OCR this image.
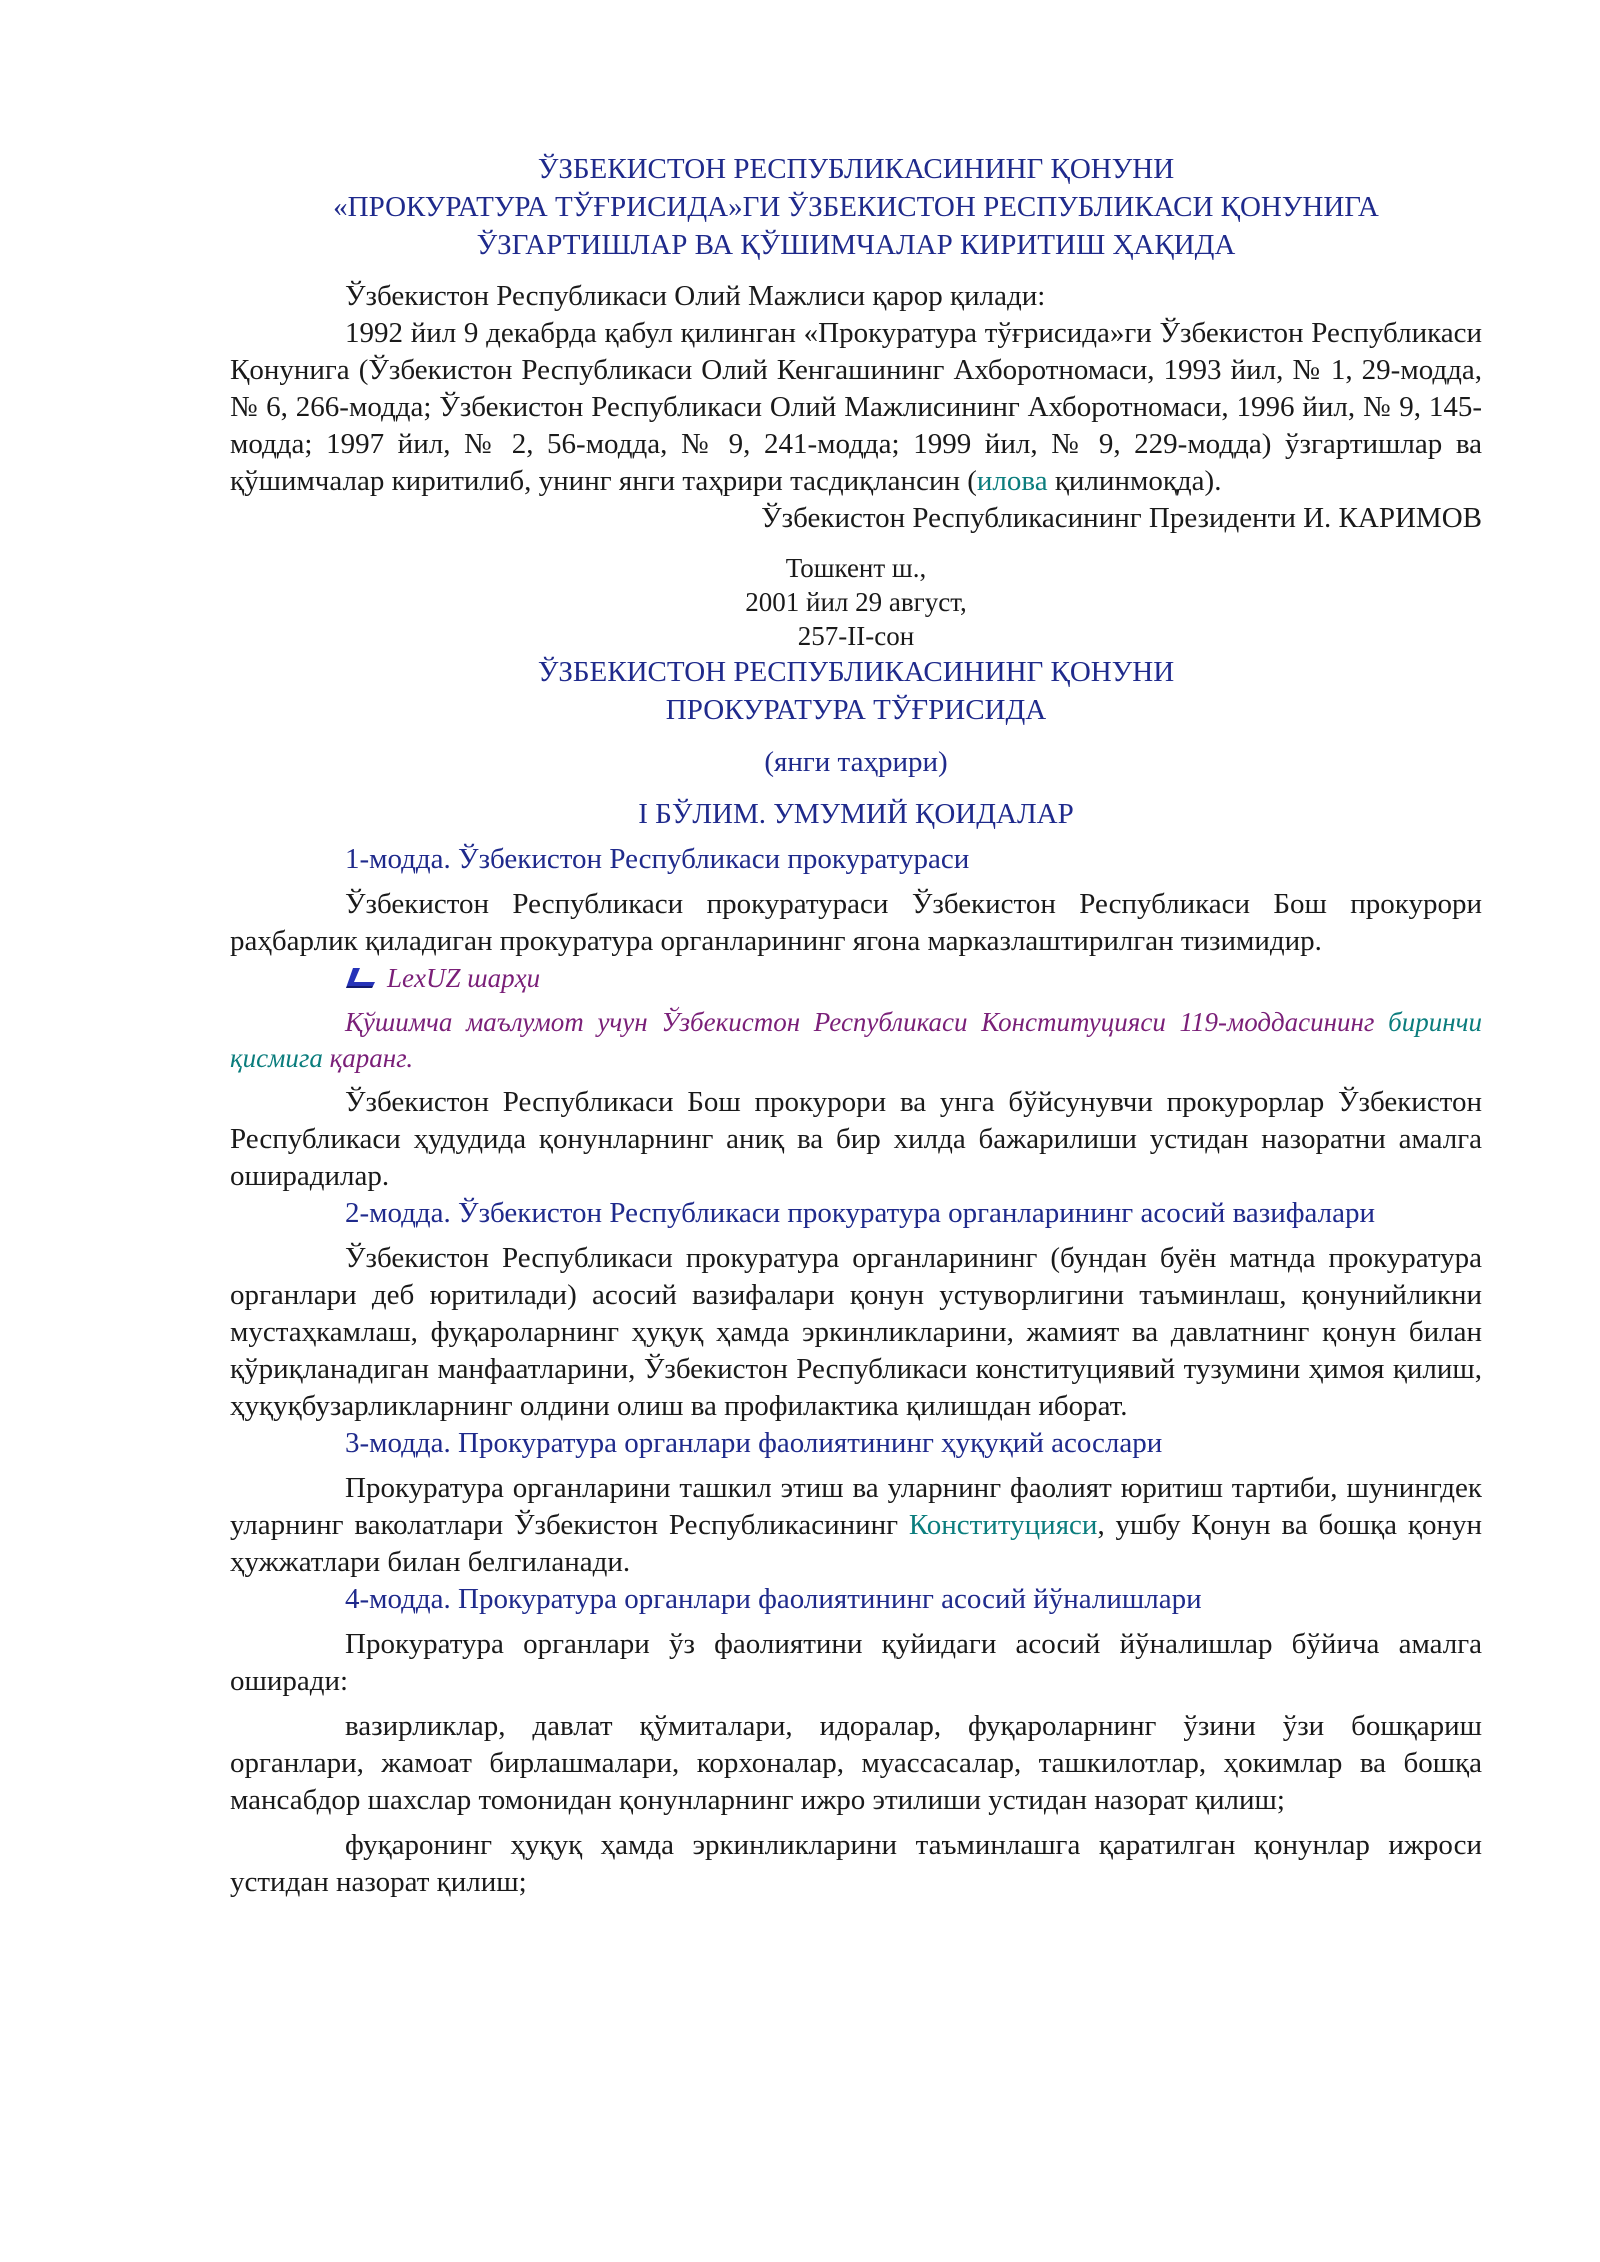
ЎЗБЕКИСТОН РЕСПУБЛИКАСИНИНГ ҚОНУНИ

«ПРОКУРАТУРА ТЎҒРИСИДА»ГИ ЎЗБЕКИСТОН РЕСПУБЛИКАСИ ҚОНУНИГА

ЎЗГАРТИШЛАР ВА ҚЎШИМЧАЛАР КИРИТИШ ҲАҚИДА

Ўзбекистон Республикаси Олий Мажлиси қарор қилади:

1992 йил 9 декабрда қабул қилинган «Прокуратура тўғрисида»ги Ўзбекистон Республикаси Қонунига (Ўзбекистон Республикаси Олий Кенгашининг Ахборотномаси, 1993 йил, № 1, 29-модда, № 6, 266-модда; Ўзбекистон Республикаси Олий Мажлисининг Ахборотномаси, 1996 йил, № 9, 145-модда; 1997 йил, № 2, 56-модда, № 9, 241-модда; 1999 йил, № 9, 229-модда) ўзгартишлар ва қўшимчалар киритилиб, унинг янги таҳрири тасдиқлансин (илова қилинмоқда).

Ўзбекистон Республикасининг Президенти И. КАРИМОВ

Тошкент ш.,
2001 йил 29 август,
257-II-сон

ЎЗБЕКИСТОН РЕСПУБЛИКАСИНИНГ ҚОНУНИ

ПРОКУРАТУРА ТЎҒРИСИДА

(янги таҳрири)

I БЎЛИМ. УМУМИЙ ҚОИДАЛАР

1-модда. Ўзбекистон Республикаси прокуратураси

Ўзбекистон Республикаси прокуратураси Ўзбекистон Республикаси Бош прокурори раҳбарлик қиладиган прокуратура органларининг ягона марказлаштирилган тизимидир.

LexUZ шарҳи

Қўшимча маълумот учун Ўзбекистон Республикаси Конституцияси 119-моддасининг биринчи қисмига қаранг.

Ўзбекистон Республикаси Бош прокурори ва унга бўйсунувчи прокурорлар Ўзбекистон Республикаси ҳудудида қонунларнинг аниқ ва бир хилда бажарилиши устидан назоратни амалга оширадилар.

2-модда. Ўзбекистон Республикаси прокуратура органларининг асосий вазифалари

Ўзбекистон Республикаси прокуратура органларининг (бундан буён матнда прокуратура органлари деб юритилади) асосий вазифалари қонун устуворлигини таъминлаш, қонунийликни мустаҳкамлаш, фуқароларнинг ҳуқуқ ҳамда эркинликларини, жамият ва давлатнинг қонун билан қўриқланадиган манфаатларини, Ўзбекистон Республикаси конституциявий тузумини ҳимоя қилиш, ҳуқуқбузарликларнинг олдини олиш ва профилактика қилишдан иборат.

3-модда. Прокуратура органлари фаолиятининг ҳуқуқий асослари

Прокуратура органларини ташкил этиш ва уларнинг фаолият юритиш тартиби, шунингдек уларнинг ваколатлари Ўзбекистон Республикасининг Конституцияси, ушбу Қонун ва бошқа қонун ҳужжатлари билан белгиланади.

4-модда. Прокуратура органлари фаолиятининг асосий йўналишлари

Прокуратура органлари ўз фаолиятини қуйидаги асосий йўналишлар бўйича амалга оширади:

вазирликлар, давлат қўмиталари, идоралар, фуқароларнинг ўзини ўзи бошқариш органлари, жамоат бирлашмалари, корхоналар, муассасалар, ташкилотлар, ҳокимлар ва бошқа мансабдор шахслар томонидан қонунларнинг ижро этилиши устидан назорат қилиш;

фуқаронинг ҳуқуқ ҳамда эркинликларини таъминлашга қаратилган қонунлар ижроси устидан назорат қилиш;
